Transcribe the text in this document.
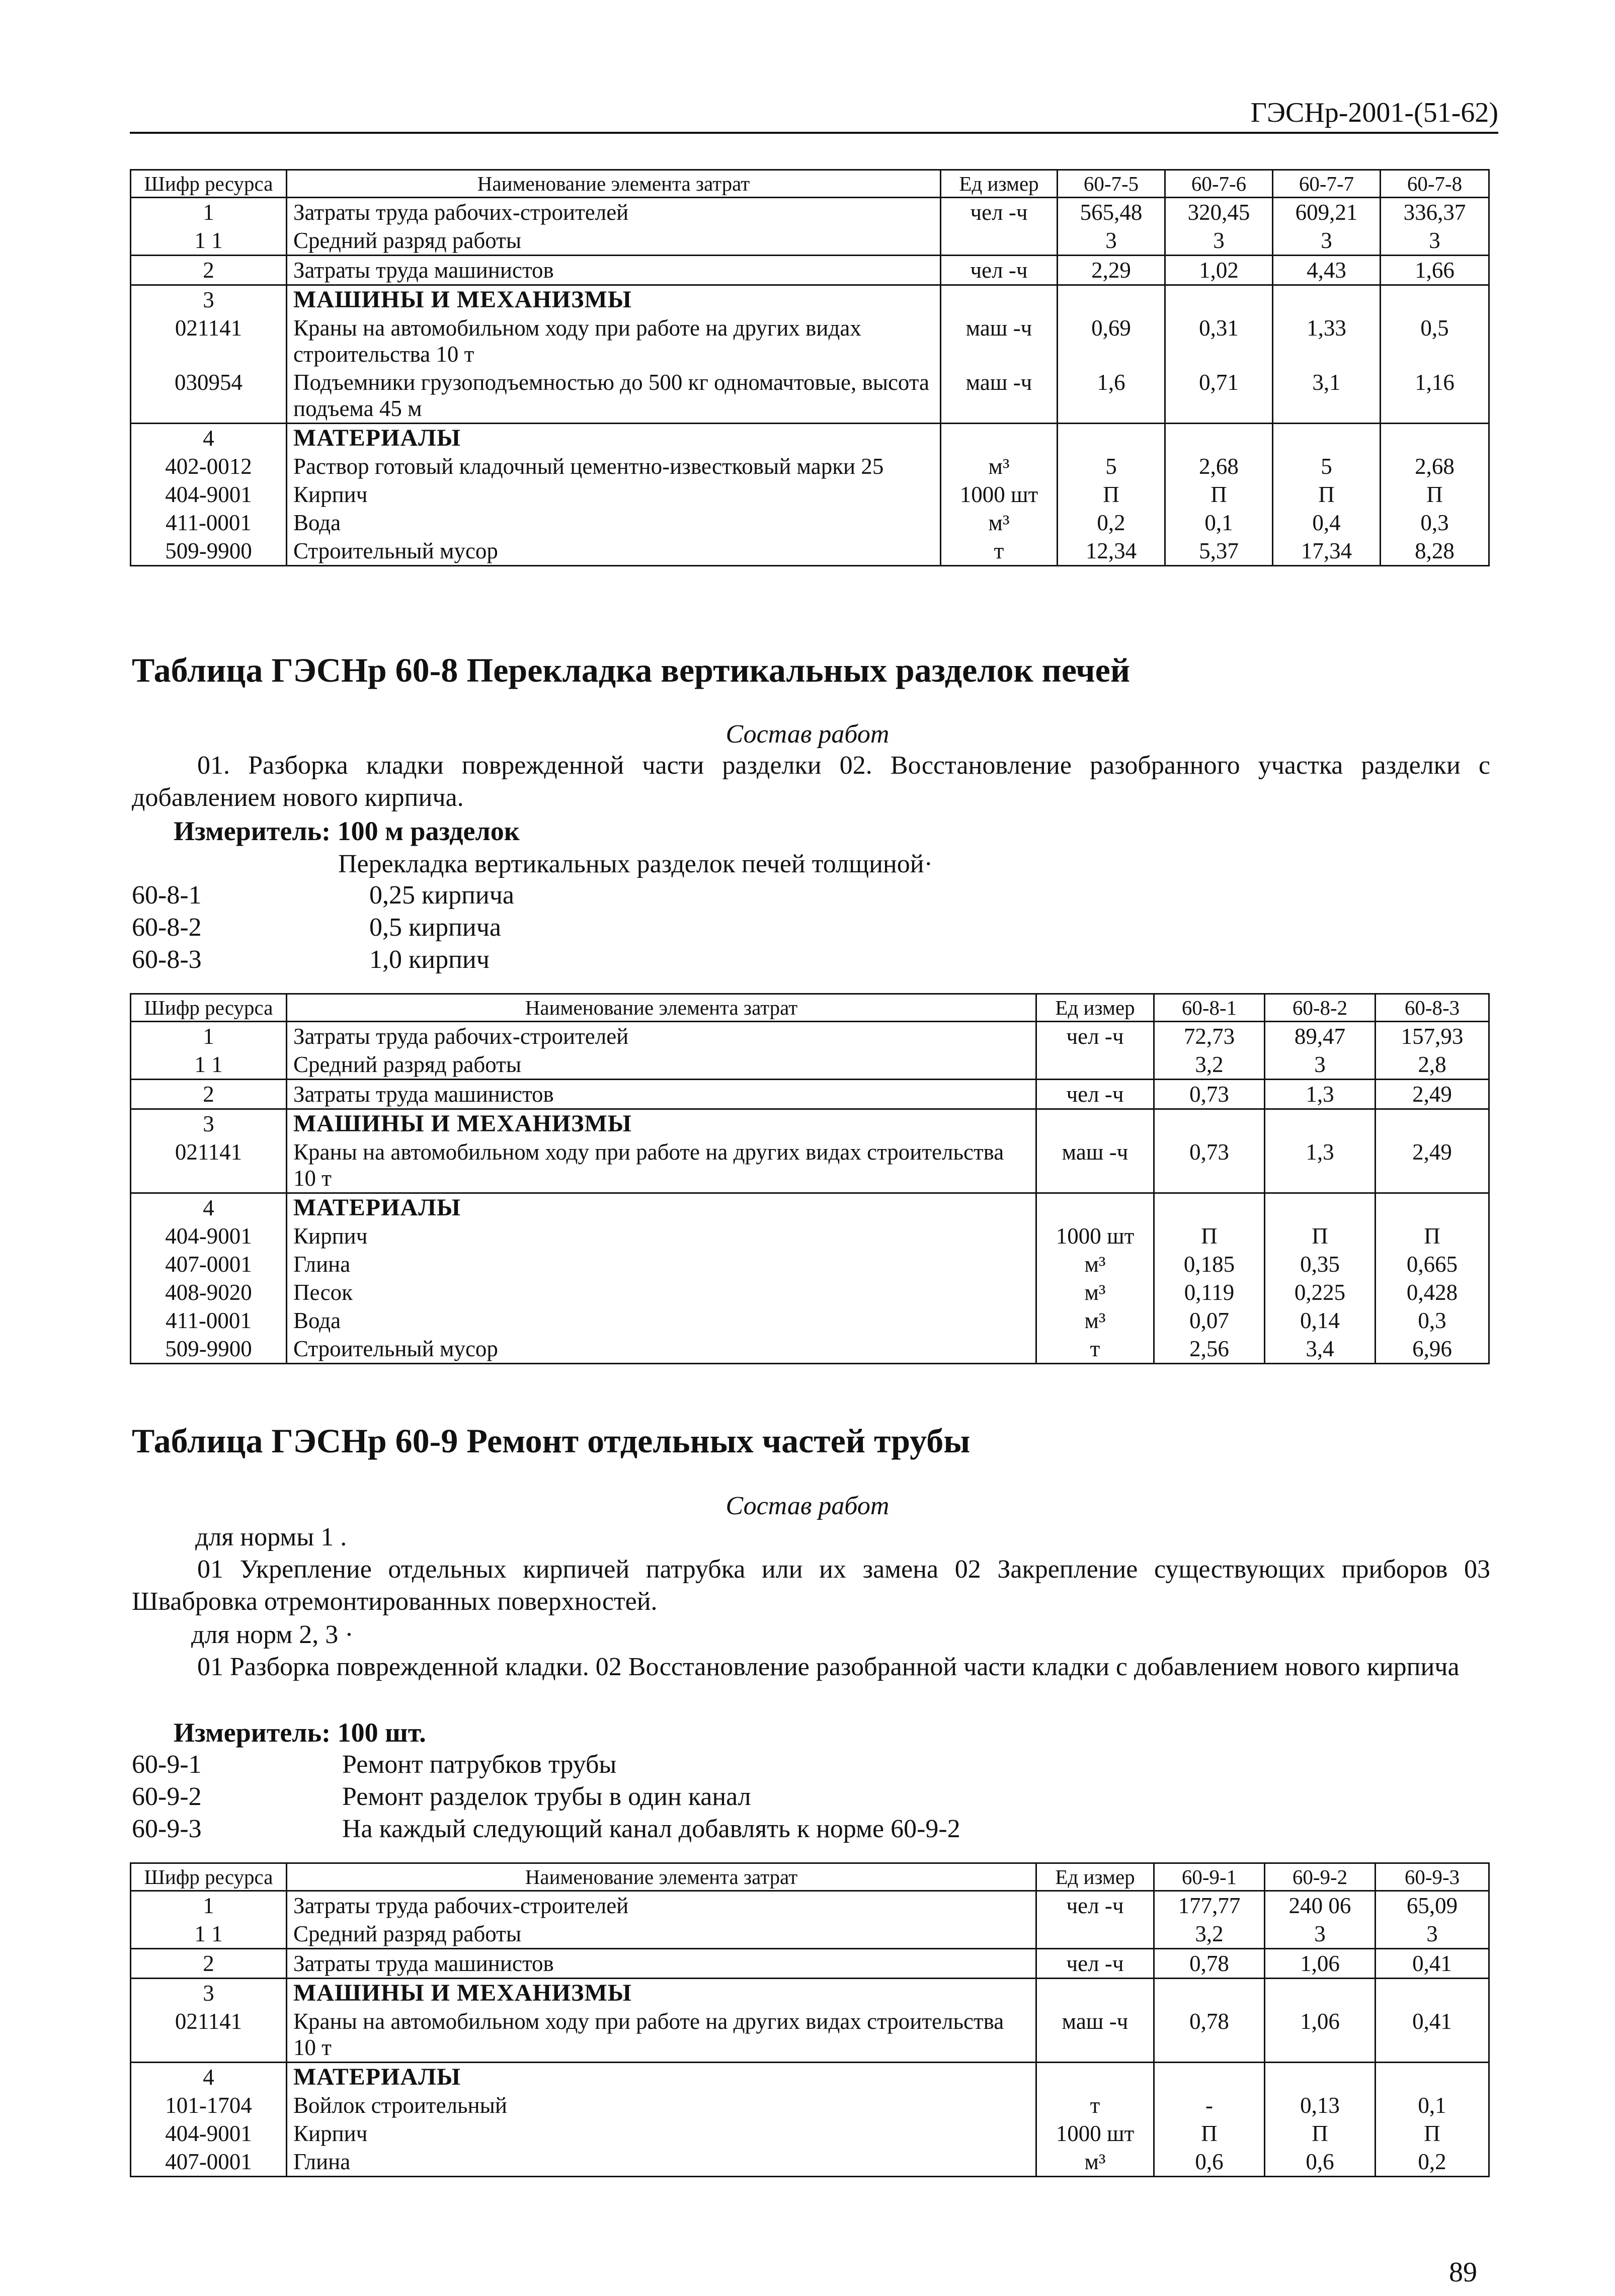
ГЭСНр-2001-(51-62)
Шифр ресурса	Наименование элемента затрат	Ед измер	60-7-5	60-7-6	60-7-7	60-7-8
1	Затраты труда рабочих-строителей	чел -ч	565,48	320,45	609,21	336,37
1 1	Средний разряд работы		3	3	3	3
2	Затраты труда машинистов	чел -ч	2,29	1,02	4,43	1,66
3	МАШИНЫ И МЕХАНИЗМЫ					
021141	Краны на автомобильном ходу при работе на других видах строительства 10 т	маш -ч	0,69	0,31	1,33	0,5
030954	Подъемники грузоподъемностью до 500 кг одномачтовые, высота подъема 45 м	маш -ч	1,6	0,71	3,1	1,16
4	МАТЕРИАЛЫ					
402-0012	Раствор готовый кладочный цементно-известковый марки 25	м³	5	2,68	5	2,68
404-9001	Кирпич	1000 шт	П	П	П	П
411-0001	Вода	м³	0,2	0,1	0,4	0,3
509-9900	Строительный мусор	т	12,34	5,37	17,34	8,28
Таблица ГЭСНр 60-8 Перекладка вертикальных разделок печей
Состав работ
01. Разборка кладки поврежденной части разделки 02. Восстановление разобранного участка разделки с добавлением нового кирпича.
Измеритель: 100 м разделок
Перекладка вертикальных разделок печей толщиной·
60-8-1	0,25 кирпича
60-8-2	0,5 кирпича
60-8-3	1,0 кирпич
Шифр ресурса	Наименование элемента затрат	Ед измер	60-8-1	60-8-2	60-8-3
1	Затраты труда рабочих-строителей	чел -ч	72,73	89,47	157,93
1 1	Средний разряд работы		3,2	3	2,8
2	Затраты труда машинистов	чел -ч	0,73	1,3	2,49
3	МАШИНЫ И МЕХАНИЗМЫ				
021141	Краны на автомобильном ходу при работе на других видах строительства 10 т	маш -ч	0,73	1,3	2,49
4	МАТЕРИАЛЫ				
404-9001	Кирпич	1000 шт	П	П	П
407-0001	Глина	м³	0,185	0,35	0,665
408-9020	Песок	м³	0,119	0,225	0,428
411-0001	Вода	м³	0,07	0,14	0,3
509-9900	Строительный мусор	т	2,56	3,4	6,96
Таблица ГЭСНр 60-9 Ремонт отдельных частей трубы
Состав работ
для нормы 1 .
01 Укрепление отдельных кирпичей патрубка или их замена 02 Закрепление существующих приборов 03 Швабровка отремонтированных поверхностей.
для норм 2, 3 ·
01 Разборка поврежденной кладки. 02 Восстановление разобранной части кладки с добавлением нового кирпича
Измеритель: 100 шт.
60-9-1	Ремонт патрубков трубы
60-9-2	Ремонт разделок трубы в один канал
60-9-3	На каждый следующий канал добавлять к норме 60-9-2
Шифр ресурса	Наименование элемента затрат	Ед измер	60-9-1	60-9-2	60-9-3
1	Затраты труда рабочих-строителей	чел -ч	177,77	240 06	65,09
1 1	Средний разряд работы		3,2	3	3
2	Затраты труда машинистов	чел -ч	0,78	1,06	0,41
3	МАШИНЫ И МЕХАНИЗМЫ				
021141	Краны на автомобильном ходу при работе на других видах строительства 10 т	маш -ч	0,78	1,06	0,41
4	МАТЕРИАЛЫ				
101-1704	Войлок строительный	т	-	0,13	0,1
404-9001	Кирпич	1000 шт	П	П	П
407-0001	Глина	м³	0,6	0,6	0,2
89
